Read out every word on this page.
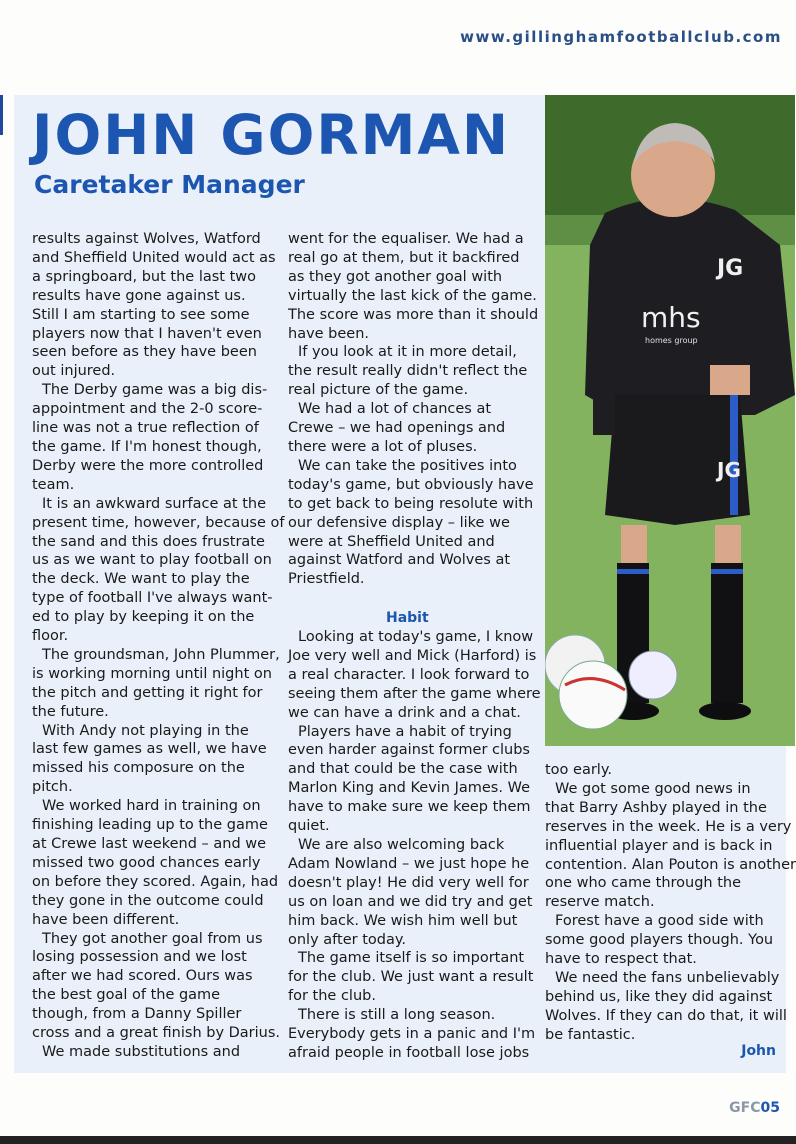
www.gillinghamfootballclub.com
JOHN GORMAN
Caretaker Manager

results against Wolves, Watford

and Sheffield United would act as

a springboard, but the last two

results have gone against us.

Still I am starting to see some

players now that I haven't even

seen before as they have been

out injured.

The Derby game was a big dis-

appointment and the 2-0 score-

line was not a true reflection of

the game. If I'm honest though,

Derby were the more controlled

team.

It is an awkward surface at the

present time, however, because of

the sand and this does frustrate

us as we want to play football on

the deck. We want to play the

type of football I've always want-

ed to play by keeping it on the

floor.

The groundsman, John Plummer,

is working morning until night on

the pitch and getting it right for

the future.

With Andy not playing in the

last few games as well, we have

missed his composure on the

pitch.

We worked hard in training on

finishing leading up to the game

at Crewe last weekend – and we

missed two good chances early

on before they scored. Again, had

they gone in the outcome could

have been different.

They got another goal from us

losing possession and we lost

after we had scored. Ours was

the best goal of the game

though, from a Danny Spiller

cross and a great finish by Darius.

We made substitutions and

went for the equaliser. We had a

real go at them, but it backfired

as they got another goal with

virtually the last kick of the game.

The score was more than it should

have been.

If you look at it in more detail,

the result really didn't reflect the

real picture of the game.

We had a lot of chances at

Crewe – we had openings and

there were a lot of pluses.

We can take the positives into

today's game, but obviously have

to get back to being resolute with

our defensive display – like we

were at Sheffield United and

against Watford and Wolves at

Priestfield.

Habit

Looking at today's game, I know

Joe very well and Mick (Harford) is

a real character. I look forward to

seeing them after the game where

we can have a drink and a chat.

Players have a habit of trying

even harder against former clubs

and that could be the case with

Marlon King and Kevin James. We

have to make sure we keep them

quiet.

We are also welcoming back

Adam Nowland – we just hope he

doesn't play! He did very well for

us on loan and we did try and get

him back. We wish him well but

only after today.

The game itself is so important

for the club. We just want a result

for the club.

There is still a long season.

Everybody gets in a panic and I'm

afraid people in football lose jobs

too early.

We got some good news in

that Barry Ashby played in the

reserves in the week. He is a very

influential player and is back in

contention. Alan Pouton is another

one who came through the

reserve match.

Forest have a good side with

some good players though. You

have to respect that.

We need the fans unbelievably

behind us, like they did against

Wolves. If they can do that, it will

be fantastic.

John
JG
mhs
homes group
JG
GFC05
